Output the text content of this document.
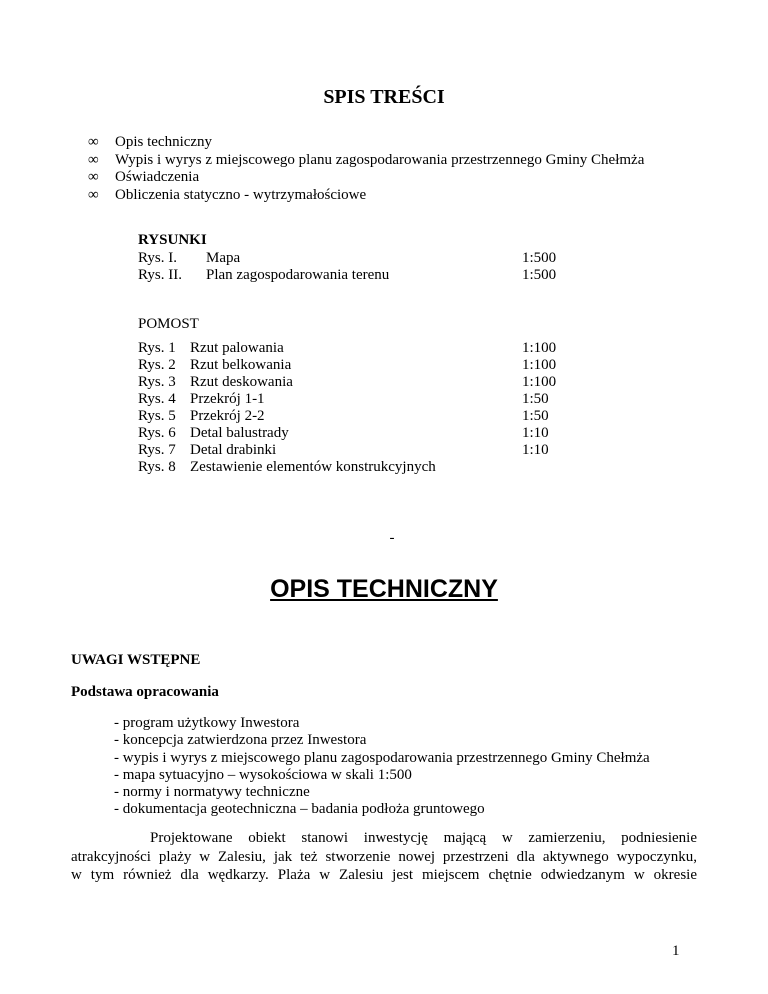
SPIS TREŚCI
∞	Opis techniczny
∞	Wypis i wyrys z miejscowego planu zagospodarowania przestrzennego Gminy Chełmża
∞	Oświadczenia
∞	Obliczenia statyczno - wytrzymałościowe
RYSUNKI
Rys. I. Mapa	1:500
Rys. II. Plan zagospodarowania terenu	1:500
POMOST
Rys. 1 Rzut palowania	1:100
Rys. 2 Rzut belkowania	1:100
Rys. 3 Rzut deskowania	1:100
Rys. 4 Przekrój 1-1	1:50
Rys. 5 Przekrój 2-2	1:50
Rys. 6 Detal balustrady	1:10
Rys. 7 Detal drabinki	1:10
Rys. 8 Zestawienie elementów konstrukcyjnych
-
OPIS TECHNICZNY
UWAGI WSTĘPNE
Podstawa opracowania
- program użytkowy Inwestora
- koncepcja zatwierdzona przez Inwestora
- wypis i wyrys z miejscowego planu zagospodarowania przestrzennego Gminy Chełmża
- mapa sytuacyjno – wysokościowa w skali 1:500
- normy i normatywy techniczne
- dokumentacja geotechniczna – badania podłoża gruntowego
Projektowane obiekt stanowi inwestycję mającą w zamierzeniu, podniesienie
atrakcyjności plaży w Zalesiu, jak też stworzenie nowej przestrzeni dla aktywnego wypoczynku,
w tym również dla wędkarzy. Plaża w Zalesiu jest miejscem chętnie odwiedzanym w okresie
1
